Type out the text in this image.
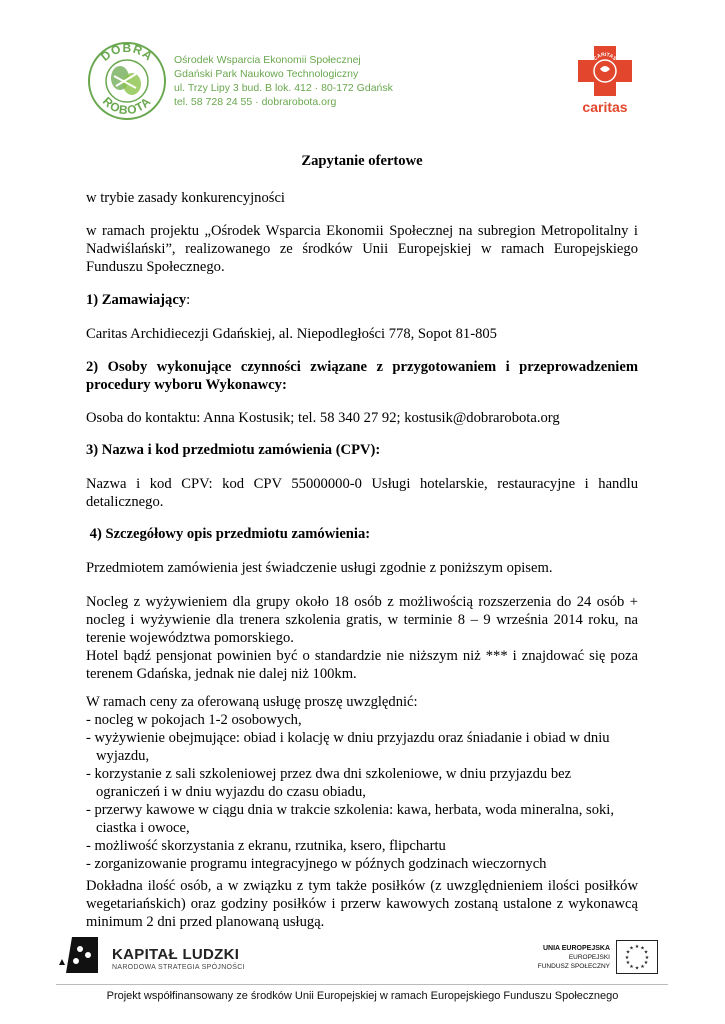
DOBRA
ROBOTA
Ośrodek Wsparcia Ekonomii Społecznej
Gdański Park Naukowo Technologiczny
ul. Trzy Lipy 3 bud. B lok. 412 · 80-172 Gdańsk
tel. 58 728 24 55 · dobrarobota.org
CARITAS
caritas
Zapytanie ofertowe
w trybie zasady konkurencyjności
w ramach projektu „Ośrodek Wsparcia Ekonomii Społecznej na subregion Metropolitalny i Nadwiślański”, realizowanego ze środków Unii Europejskiej w ramach Europejskiego Funduszu Społecznego.
1) Zamawiający:
Caritas Archidiecezji Gdańskiej, al. Niepodległości 778, Sopot 81-805
2) Osoby wykonujące czynności związane z przygotowaniem i przeprowadzeniem procedury wyboru Wykonawcy:
Osoba do kontaktu: Anna Kostusik; tel. 58 340 27 92; kostusik@dobrarobota.org
3) Nazwa i kod przedmiotu zamówienia (CPV):
Nazwa i kod CPV: kod CPV 55000000-0 Usługi hotelarskie, restauracyjne i handlu detalicznego.
4) Szczegółowy opis przedmiotu zamówienia:
Przedmiotem zamówienia jest świadczenie usługi zgodnie z poniższym opisem.
Nocleg z wyżywieniem dla grupy około 18 osób z możliwością rozszerzenia do 24 osób + nocleg i wyżywienie dla trenera szkolenia gratis, w terminie 8 – 9 września 2014 roku, na terenie województwa pomorskiego.
Hotel bądź pensjonat powinien być o standardzie nie niższym niż *** i znajdować się poza terenem Gdańska, jednak nie dalej niż 100km.
W ramach ceny za oferowaną usługę proszę uwzględnić:
- nocleg w pokojach 1-2 osobowych,
- wyżywienie obejmujące: obiad i kolację w dniu przyjazdu oraz śniadanie i obiad w dniu
wyjazdu,
- korzystanie z sali szkoleniowej przez dwa dni szkoleniowe, w dniu przyjazdu bez
ograniczeń i w dniu wyjazdu do czasu obiadu,
- przerwy kawowe w ciągu dnia w trakcie szkolenia: kawa, herbata, woda mineralna, soki,
ciastka i owoce,
- możliwość skorzystania z ekranu, rzutnika, ksero, flipchartu
- zorganizowanie programu integracyjnego w późnych godzinach wieczornych
Dokładna ilość osób, a w związku z tym także posiłków (z uwzględnieniem ilości posiłków wegetariańskich) oraz godziny posiłków i przerw kawowych zostaną ustalone z wykonawcą minimum 2 dni przed planowaną usługą.
KAPITAŁ LUDZKI
NARODOWA STRATEGIA SPÓJNOŚCI
UNIA EUROPEJSKA
EUROPEJSKI
FUNDUSZ SPOŁECZNY
★ ★
★
★
★
★
★
★
★
★
★
★
Projekt współfinansowany ze środków Unii Europejskiej w ramach Europejskiego Funduszu Społecznego
